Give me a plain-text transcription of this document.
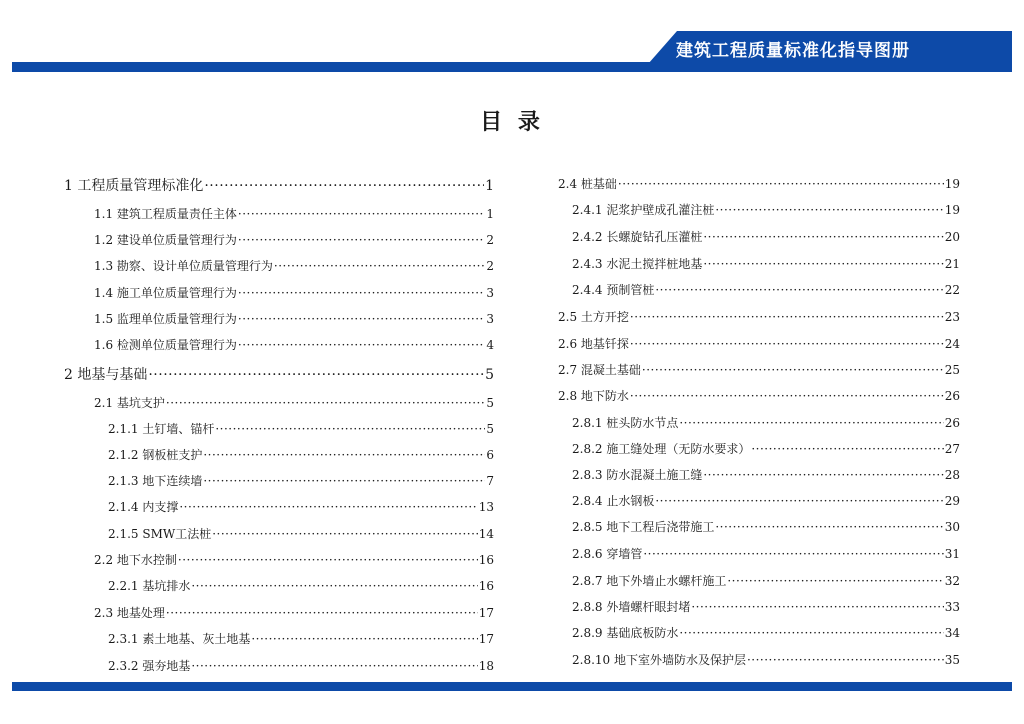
建筑工程质量标准化指导图册
目 录
1 工程质量管理标准化 ·····	1
1.1 建筑工程质量责任主体 ·····	1
1.2 建设单位质量管理行为 ·····	2
1.3 勘察、设计单位质量管理行为 ·····	2
1.4 施工单位质量管理行为 ·····	3
1.5 监理单位质量管理行为 ·····	3
1.6 检测单位质量管理行为 ·····	4
2 地基与基础 ·····	5
2.1 基坑支护 ·····	5
2.1.1 土钉墙、锚杆 ·····	5
2.1.2 钢板桩支护 ·····	6
2.1.3 地下连续墙 ·····	7
2.1.4 内支撑 ·····	13
2.1.5 SMW工法桩 ·····	14
2.2 地下水控制 ·····	16
2.2.1 基坑排水 ·····	16
2.3 地基处理 ·····	17
2.3.1 素土地基、灰土地基 ·····	17
2.3.2 强夯地基 ·····	18
2.4 桩基础 ·····	19
2.4.1 泥浆护壁成孔灌注桩 ·····	19
2.4.2 长螺旋钻孔压灌桩 ·····	20
2.4.3 水泥土搅拌桩地基 ·····	21
2.4.4 预制管桩 ·····	22
2.5 土方开挖 ·····	23
2.6 地基钎探 ·····	24
2.7 混凝土基础 ·····	25
2.8 地下防水 ·····	26
2.8.1 桩头防水节点 ·····	26
2.8.2 施工缝处理（无防水要求） ·····	27
2.8.3 防水混凝土施工缝 ·····	28
2.8.4 止水钢板 ·····	29
2.8.5 地下工程后浇带施工 ·····	30
2.8.6 穿墙管 ·····	31
2.8.7 地下外墙止水螺杆施工 ·····	32
2.8.8 外墙螺杆眼封堵 ·····	33
2.8.9 基础底板防水 ·····	34
2.8.10 地下室外墙防水及保护层 ·····	35
